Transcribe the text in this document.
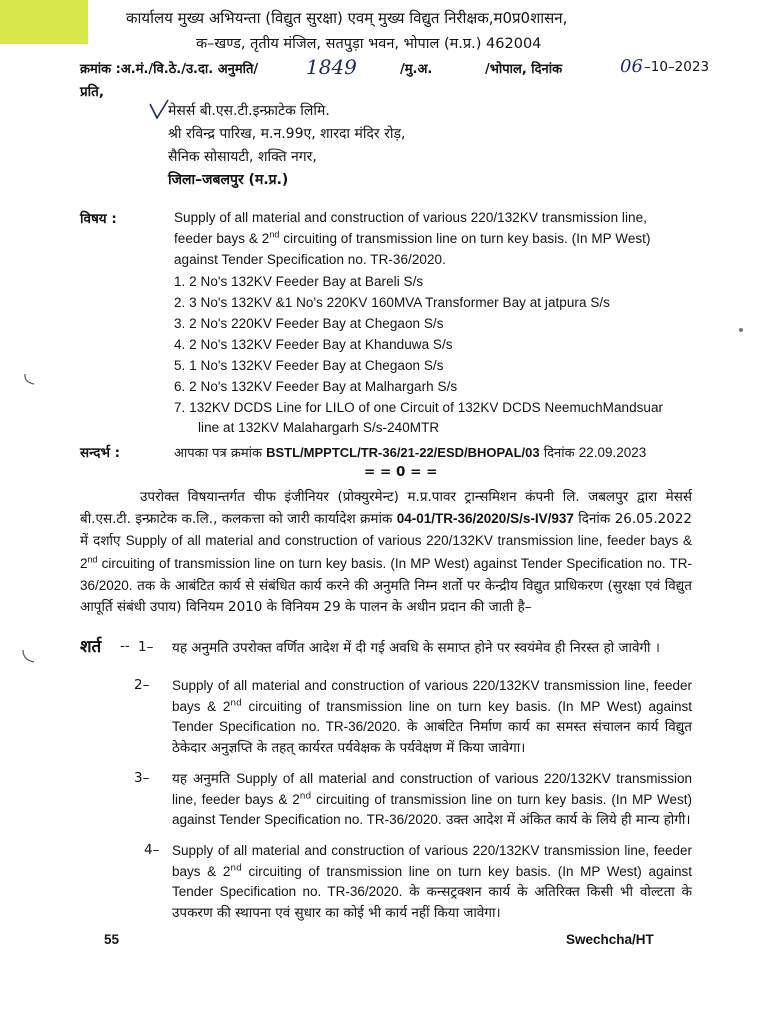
कार्यालय मुख्य अभियन्ता (विद्युत सुरक्षा) एवम् मुख्य विद्युत निरीक्षक,म0प्र0शासन,
क–खण्ड, तृतीय मंजिल, सतपुड़ा भवन, भोपाल (म.प्र.) 462004
क्रमांक :अ.मं./वि.ठे./उ.दा. अनुमति/ 1849	/मु.अ.	/भोपाल, दिनांक	06 –10–2023
प्रति,
मेसर्स बी.एस.टी.इन्फ्राटेक लिमि.
श्री रविन्द्र पारिख, म.न.99ए, शारदा मंदिर रोड़,
सैनिक सोसायटी, शक्ति नगर,
जिला–जबलपुर (म.प्र.)
विषय :	Supply of all material and construction of various 220/132KV transmission line,
feeder bays & 2nd circuiting of transmission line on turn key basis. (In MP West)
against Tender Specification no. TR-36/2020.
1. 2 No's 132KV Feeder Bay at Bareli S/s
2. 3 No's 132KV &1 No's 220KV 160MVA Transformer Bay at jatpura S/s
3. 2 No's 220KV Feeder Bay at Chegaon S/s
4. 2 No's 132KV Feeder Bay at Khanduwa S/s
5. 1 No's 132KV Feeder Bay at Chegaon S/s
6. 2 No's 132KV Feeder Bay at Malhargarh S/s
7. 132KV DCDS Line for LILO of one Circuit of 132KV DCDS NeemuchMandsuar
line at 132KV Malahargarh S/s-240MTR
सन्दर्भ :	आपका पत्र क्रमांक BSTL/MPPTCL/TR-36/21-22/ESD/BHOPAL/03 दिनांक 22.09.2023
= = 0 = =
उपरोक्त विषयान्तर्गत चीफ इंजीनियर (प्रोक्युरमेन्ट) म.प्र.पावर ट्रान्समिशन कंपनी लि. जबलपुर द्वारा मेसर्स बी.एस.टी. इन्फ्राटेक क.लि., कलकत्ता को जारी कार्यादेश क्रमांक 04-01/TR-36/2020/S/s-IV/937 दिनांक 26.05.2022 में दर्शाए Supply of all material and construction of various 220/132KV transmission line, feeder bays & 2nd circuiting of transmission line on turn key basis. (In MP West) against Tender Specification no. TR-36/2020. तक के आबंटित कार्य से संबंधित कार्य करने की अनुमति निम्न शर्तो पर केन्द्रीय विद्युत प्राधिकरण (सुरक्षा एवं विद्युत आपूर्ति संबंधी उपाय) विनियम 2010 के विनियम 29 के पालन के अधीन प्रदान की जाती है–
शर्त -- 1– यह अनुमति उपरोक्त वर्णित आदेश में दी गई अवधि के समाप्त होने पर स्वयंमेव ही निरस्त हो जावेगी ।
2– Supply of all material and construction of various 220/132KV transmission line, feeder bays & 2nd circuiting of transmission line on turn key basis. (In MP West) against Tender Specification no. TR-36/2020. के आबंटित निर्माण कार्य का समस्त संचालन कार्य विद्युत ठेकेदार अनुज्ञप्ति के तहत् कार्यरत पर्यवेक्षक के पर्यवेक्षण में किया जावेगा।
3– यह अनुमति Supply of all material and construction of various 220/132KV transmission line, feeder bays & 2nd circuiting of transmission line on turn key basis. (In MP West) against Tender Specification no. TR-36/2020. उक्त आदेश में अंकित कार्य के लिये ही मान्य होगी।
4– Supply of all material and construction of various 220/132KV transmission line, feeder bays & 2nd circuiting of transmission line on turn key basis. (In MP West) against Tender Specification no. TR-36/2020. के कन्सट्रक्शन कार्य के अतिरिक्त किसी भी वोल्टता के उपकरण की स्थापना एवं सुधार का कोई भी कार्य नहीं किया जावेगा।
55	Swechcha/HT
